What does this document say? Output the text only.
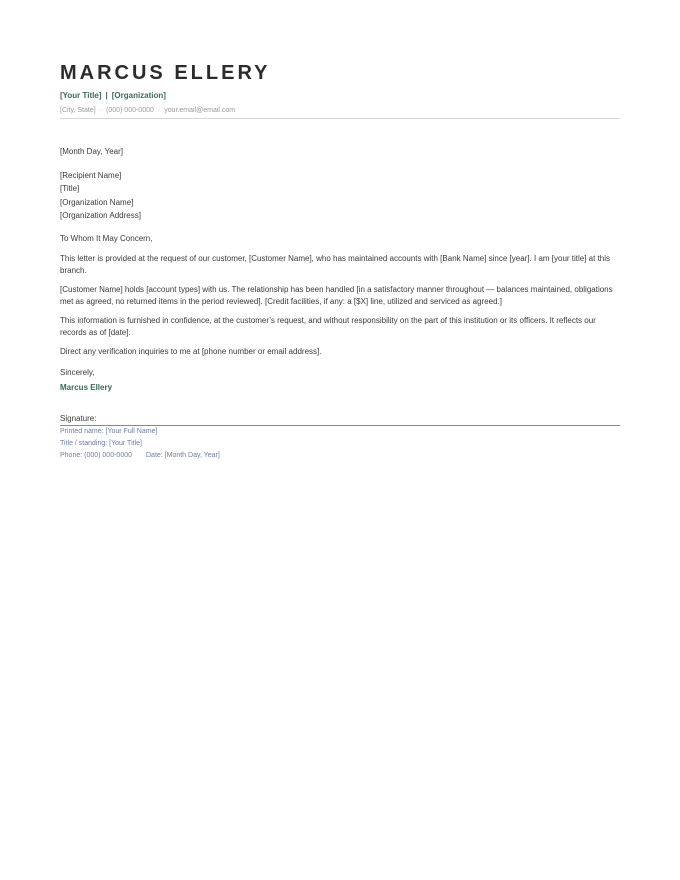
MARCUS ELLERY
[Your Title] | [Organization]
[City, State] · (000) 000-0000 · your.email@email.com
[Month Day, Year]
[Recipient Name]
[Title]
[Organization Name]
[Organization Address]
To Whom It May Concern,
This letter is provided at the request of our customer, [Customer Name], who has maintained accounts with [Bank Name] since [year]. I am [your title] at this branch.
[Customer Name] holds [account types] with us. The relationship has been handled [in a satisfactory manner throughout — balances maintained, obligations met as agreed, no returned items in the period reviewed]. [Credit facilities, if any: a [$X] line, utilized and serviced as agreed.]
This information is furnished in confidence, at the customer’s request, and without responsibility on the part of this institution or its officers. It reflects our records as of [date].
Direct any verification inquiries to me at [phone number or email address].
Sincerely,
Marcus Ellery
Signature:
Printed name: [Your Full Name]
Title / standing: [Your Title]
Phone: (000) 000-0000 Date: [Month Day, Year]
